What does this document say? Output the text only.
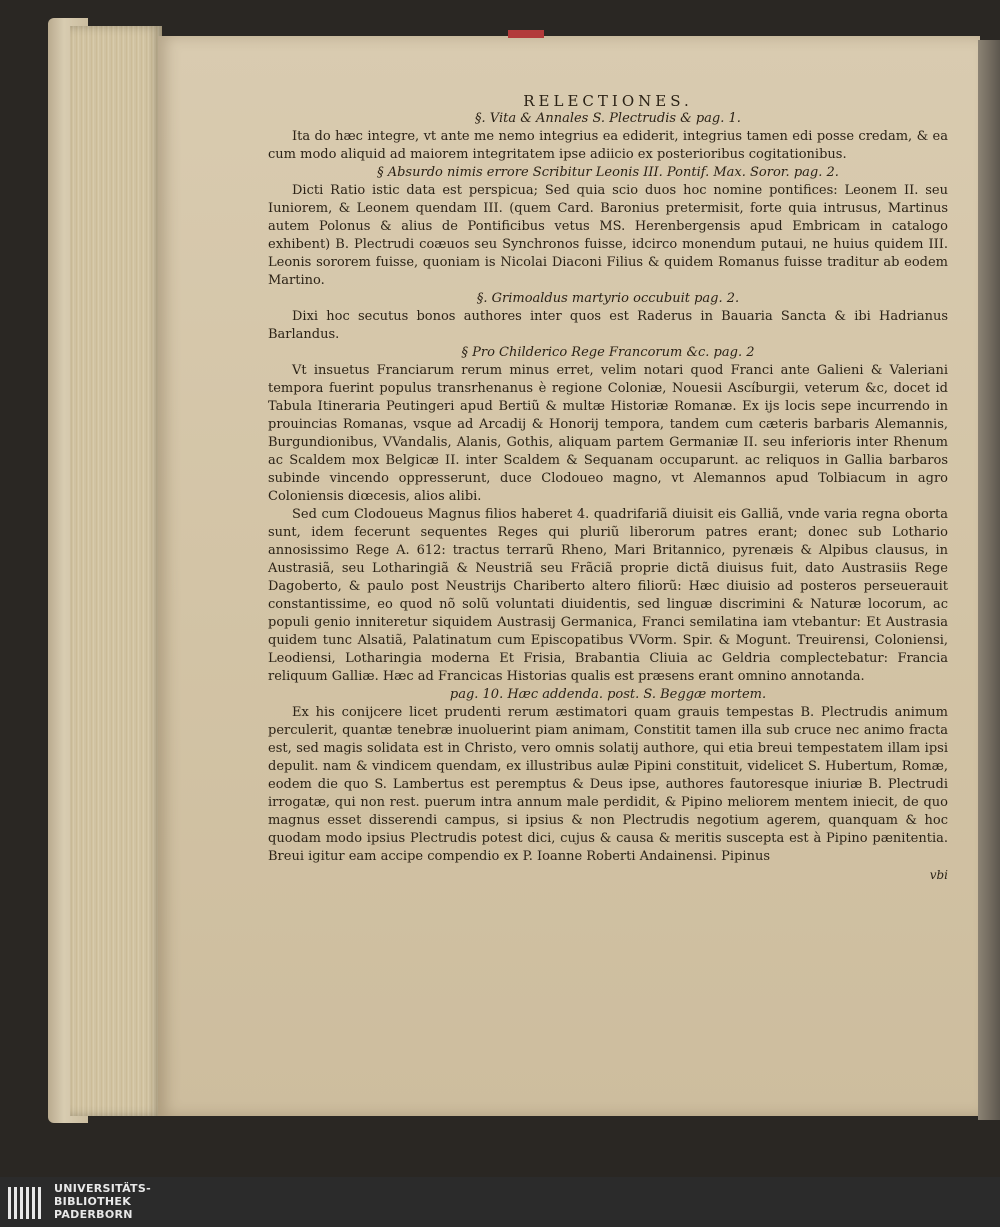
RELECTIONES.

§. Vita & Annales S. Plectrudis & pag. 1.

Ita do hæc integre, vt ante me nemo integrius ea ediderit, integrius tamen edi posse credam, & ea cum modo aliquid ad maiorem integritatem ipse adiicio ex posterioribus cogitationibus.

§ Absurdo nimis errore Scribitur Leonis III. Pontif. Max. Soror. pag. 2.

Dicti Ratio istic data est perspicua; Sed quia scio duos hoc nomine pontifices: Leonem II. seu Iuniorem, & Leonem quendam III. (quem Card. Baronius pretermisit, forte quia intrusus, Martinus autem Polonus & alius de Pontificibus vetus MS. Herenbergensis apud Embricam in catalogo exhibent) B. Plectrudi coæuos seu Synchronos fuisse, idcirco monendum putaui, ne huius quidem III. Leonis sororem fuisse, quoniam is Nicolai Diaconi Filius & quidem Romanus fuisse traditur ab eodem Martino.

§. Grimoaldus martyrio occubuit pag. 2.

Dixi hoc secutus bonos authores inter quos est Raderus in Bauaria Sancta & ibi Hadrianus Barlandus.

§ Pro Childerico Rege Francorum &c. pag. 2

Vt insuetus Franciarum rerum minus erret, velim notari quod Franci ante Galieni & Valeriani tempora fuerint populus transrhenanus è regione Coloniæ, Nouesii Ascíburgii, veterum &c, docet id Tabula Itineraria Peutingeri apud Bertiũ & multæ Historiæ Romanæ. Ex ijs locis sepe incurrendo in prouincias Romanas, vsque ad Arcadij & Honorij tempora, tandem cum cæteris barbaris Alemannis, Burgundionibus, VVandalis, Alanis, Gothis, aliquam partem Germaniæ II. seu inferioris inter Rhenum ac Scaldem mox Belgicæ II. inter Scaldem & Sequanam occuparunt. ac reliquos in Gallia barbaros subinde vincendo oppresserunt, duce Clodoueo magno, vt Alemannos apud Tolbiacum in agro Coloniensis diœcesis, alios alibi.

Sed cum Clodoueus Magnus filios haberet 4. quadrifariã diuisit eis Galliã, vnde varia regna oborta sunt, idem fecerunt sequentes Reges qui pluriũ liberorum patres erant; donec sub Lothario annosissimo Rege A. 612: tractus terrarũ Rheno, Mari Britannico, pyrenæis & Alpibus clausus, in Austrasiã, seu Lotharingiã & Neustriã seu Frãciã proprie dictã diuisus fuit, dato Austrasiis Rege Dagoberto, & paulo post Neustrijs Chariberto altero filiorũ: Hæc diuisio ad posteros perseuerauit constantissime, eo quod nõ solũ voluntati diuidentis, sed linguæ discrimini & Naturæ locorum, ac populi genio inniteretur siquidem Austrasij Germanica, Franci semilatina iam vtebantur: Et Austrasia quidem tunc Alsatiã, Palatinatum cum Episcopatibus VVorm. Spir. & Mogunt. Treuirensi, Coloniensi, Leodiensi, Lotharingia moderna Et Frisia, Brabantia Cliuia ac Geldria complectebatur: Francia reliquum Galliæ. Hæc ad Francicas Historias qualis est præsens erant omnino annotanda.

pag. 10. Hæc addenda. post. S. Beggæ mortem.

Ex his conijcere licet prudenti rerum æstimatori quam grauis tempestas B. Plectrudis animum perculerit, quantæ tenebræ inuoluerint piam animam, Constitit tamen illa sub cruce nec animo fracta est, sed magis solidata est in Christo, vero omnis solatij authore, qui etia breui tempestatem illam ipsi depulit. nam & vindicem quendam, ex illustribus aulæ Pipini constituit, videlicet S. Hubertum, Romæ, eodem die quo S. Lambertus est peremptus & Deus ipse, authores fautoresque iniuriæ B. Plectrudi irrogatæ, qui non rest. puerum intra annum male perdidit, & Pipino meliorem mentem iniecit, de quo magnus esset disserendi campus, si ipsius & non Plectrudis negotium agerem, quanquam & hoc quodam modo ipsius Plectrudis potest dici, cujus & causa & meritis suscepta est à Pipino pænitentia. Breui igitur eam accipe compendio ex P. Ioanne Roberti Andainensi. Pipinus

vbi

UNIVERSITÄTS-
BIBLIOTHEK
PADERBORN
